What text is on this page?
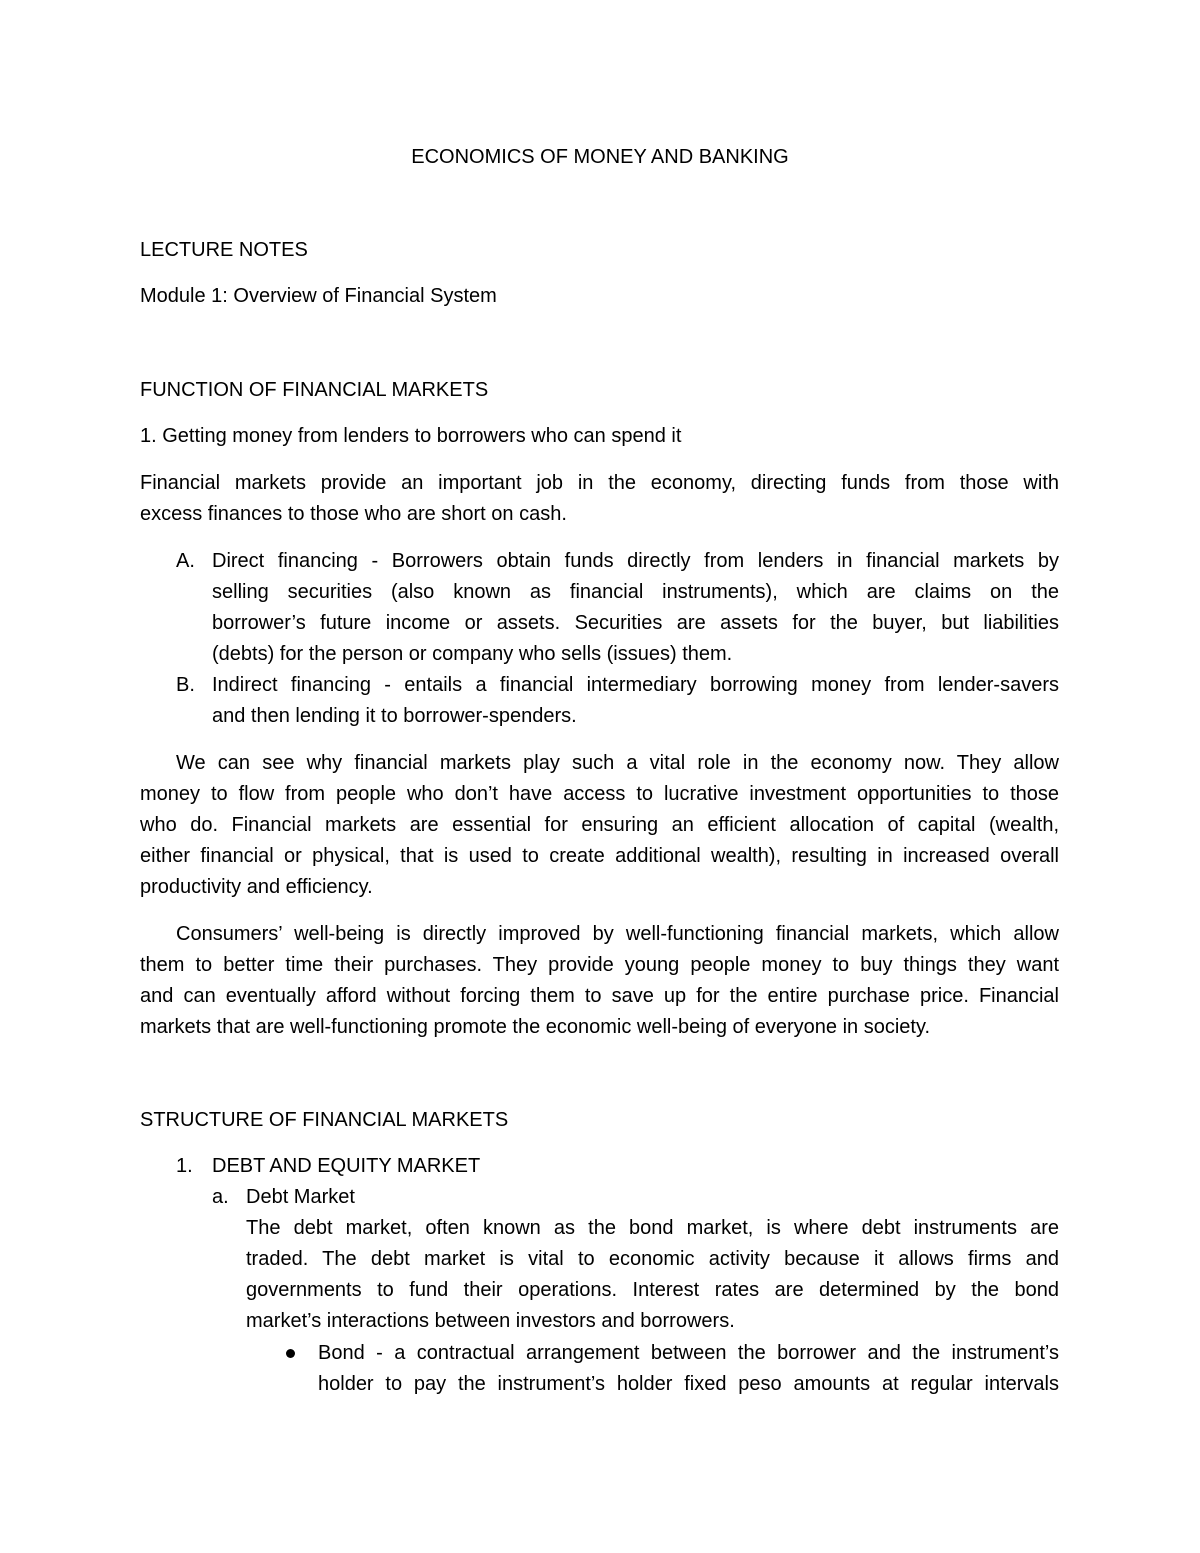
ECONOMICS OF MONEY AND BANKING
LECTURE NOTES
Module 1: Overview of Financial System
FUNCTION OF FINANCIAL MARKETS
1. Getting money from lenders to borrowers who can spend it
Financial markets provide an important job in the economy, directing funds from those with
excess finances to those who are short on cash.
A. Direct financing - Borrowers obtain funds directly from lenders in financial markets by
selling securities (also known as financial instruments), which are claims on the
borrower’s future income or assets. Securities are assets for the buyer, but liabilities
(debts) for the person or company who sells (issues) them.
B. Indirect financing - entails a financial intermediary borrowing money from lender-savers
and then lending it to borrower-spenders.
We can see why financial markets play such a vital role in the economy now. They allow
money to flow from people who don’t have access to lucrative investment opportunities to those
who do. Financial markets are essential for ensuring an efficient allocation of capital (wealth,
either financial or physical, that is used to create additional wealth), resulting in increased overall
productivity and efficiency.
Consumers’ well-being is directly improved by well-functioning financial markets, which allow
them to better time their purchases. They provide young people money to buy things they want
and can eventually afford without forcing them to save up for the entire purchase price. Financial
markets that are well-functioning promote the economic well-being of everyone in society.
STRUCTURE OF FINANCIAL MARKETS
1. DEBT AND EQUITY MARKET
a. Debt Market
The debt market, often known as the bond market, is where debt instruments are
traded. The debt market is vital to economic activity because it allows firms and
governments to fund their operations. Interest rates are determined by the bond
market’s interactions between investors and borrowers.
Bond - a contractual arrangement between the borrower and the instrument’s
holder to pay the instrument’s holder fixed peso amounts at regular intervals
